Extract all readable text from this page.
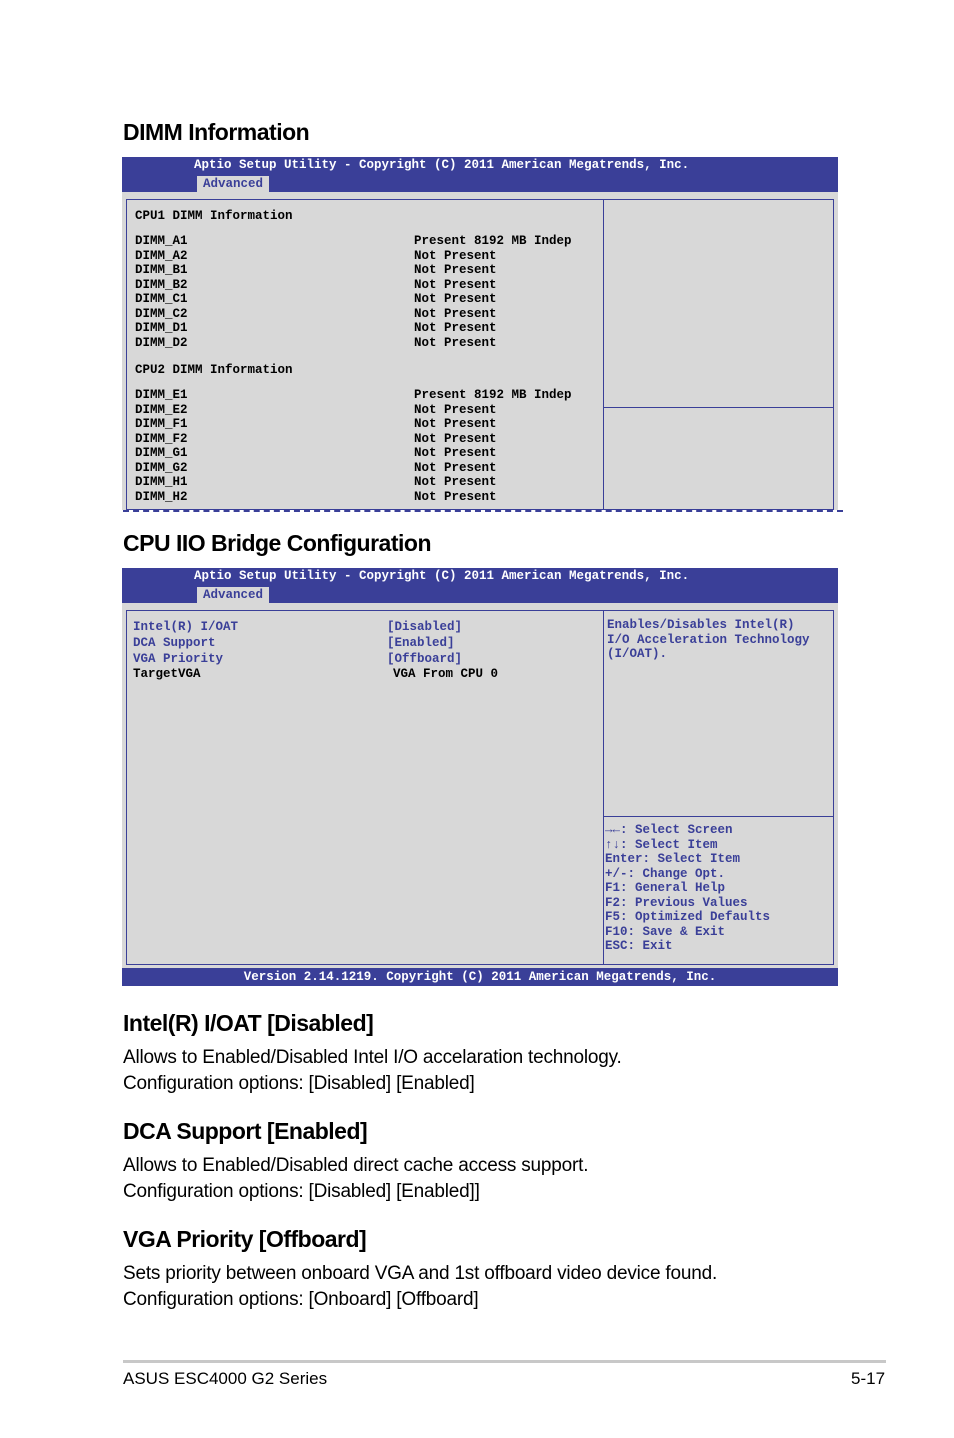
DIMM Information
Aptio Setup Utility - Copyright (C) 2011 American Megatrends, Inc.
Advanced
CPU1 DIMM Information
DIMM_A1	Present 8192 MB Indep
DIMM_A2	Not Present
DIMM_B1	Not Present
DIMM_B2	Not Present
DIMM_C1	Not Present
DIMM_C2	Not Present
DIMM_D1	Not Present
DIMM_D2	Not Present
CPU2 DIMM Information
DIMM_E1	Present 8192 MB Indep
DIMM_E2	Not Present
DIMM_F1	Not Present
DIMM_F2	Not Present
DIMM_G1	Not Present
DIMM_G2	Not Present
DIMM_H1	Not Present
DIMM_H2	Not Present
CPU IIO Bridge Configuration
Aptio Setup Utility - Copyright (C) 2011 American Megatrends, Inc.
Advanced
Intel(R) I/OAT	[Disabled]
DCA Support	[Enabled]
VGA Priority	[Offboard]
TargetVGA	VGA From CPU 0
Enables/Disables Intel(R)
I/O Acceleration Technology
(I/OAT).
→←: Select Screen
↑↓: Select Item
Enter: Select Item
+/-: Change Opt.
F1: General Help
F2: Previous Values
F5: Optimized Defaults
F10: Save & Exit
ESC: Exit
Version 2.14.1219. Copyright (C) 2011 American Megatrends, Inc.
Intel(R) I/OAT [Disabled]
Allows to Enabled/Disabled Intel I/O accelaration technology.
Configuration options: [Disabled] [Enabled]
DCA Support [Enabled]
Allows to Enabled/Disabled direct cache access support.
Configuration options: [Disabled] [Enabled]]
VGA Priority [Offboard]
Sets priority between onboard VGA and 1st offboard video device found.
Configuration options: [Onboard] [Offboard]
ASUS ESC4000 G2 Series	5-17
